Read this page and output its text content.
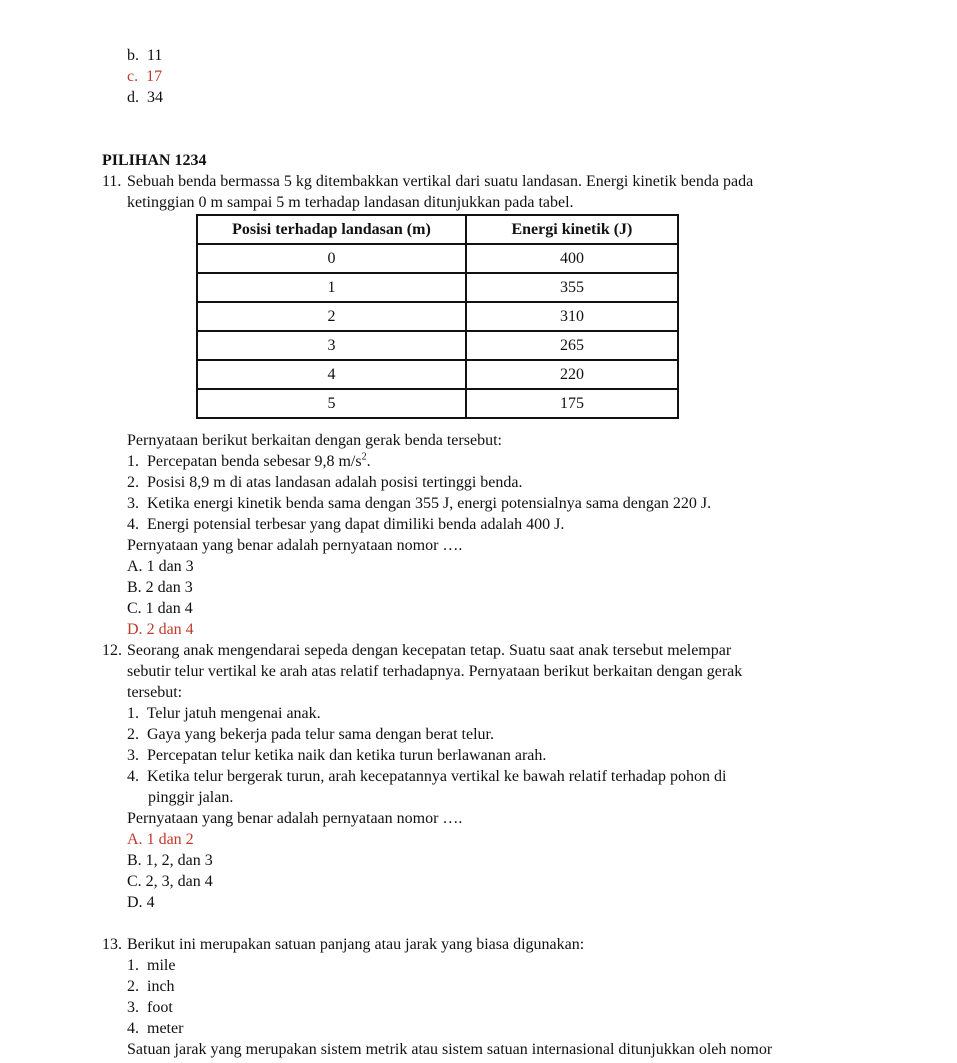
b. 11
c. 17
d. 34
PILIHAN 1234
11. Sebuah benda bermassa 5 kg ditembakkan vertikal dari suatu landasan. Energi kinetik benda pada
ketinggian 0 m sampai 5 m terhadap landasan ditunjukkan pada tabel.
Posisi terhadap landasan (m)	Energi kinetik (J)
0	400
1	355
2	310
3	265
4	220
5	175
Pernyataan berikut berkaitan dengan gerak benda tersebut:
1. Percepatan benda sebesar 9,8 $m/s^2$.
2. Posisi 8,9 m di atas landasan adalah posisi tertinggi benda.
3. Ketika energi kinetik benda sama dengan 355 J, energi potensialnya sama dengan 220 J.
4. Energi potensial terbesar yang dapat dimiliki benda adalah 400 J.
Pernyataan yang benar adalah pernyataan nomor ….
A. 1 dan 3
B. 2 dan 3
C. 1 dan 4
D. 2 dan 4
12. Seorang anak mengendarai sepeda dengan kecepatan tetap. Suatu saat anak tersebut melempar
sebutir telur vertikal ke arah atas relatif terhadapnya. Pernyataan berikut berkaitan dengan gerak
tersebut:
1. Telur jatuh mengenai anak.
2. Gaya yang bekerja pada telur sama dengan berat telur.
3. Percepatan telur ketika naik dan ketika turun berlawanan arah.
4. Ketika telur bergerak turun, arah kecepatannya vertikal ke bawah relatif terhadap pohon di
pinggir jalan.
Pernyataan yang benar adalah pernyataan nomor ….
A. 1 dan 2
B. 1, 2, dan 3
C. 2, 3, dan 4
D. 4
13. Berikut ini merupakan satuan panjang atau jarak yang biasa digunakan:
1. mile
2. inch
3. foot
4. meter
Satuan jarak yang merupakan sistem metrik atau sistem satuan internasional ditunjukkan oleh nomor
